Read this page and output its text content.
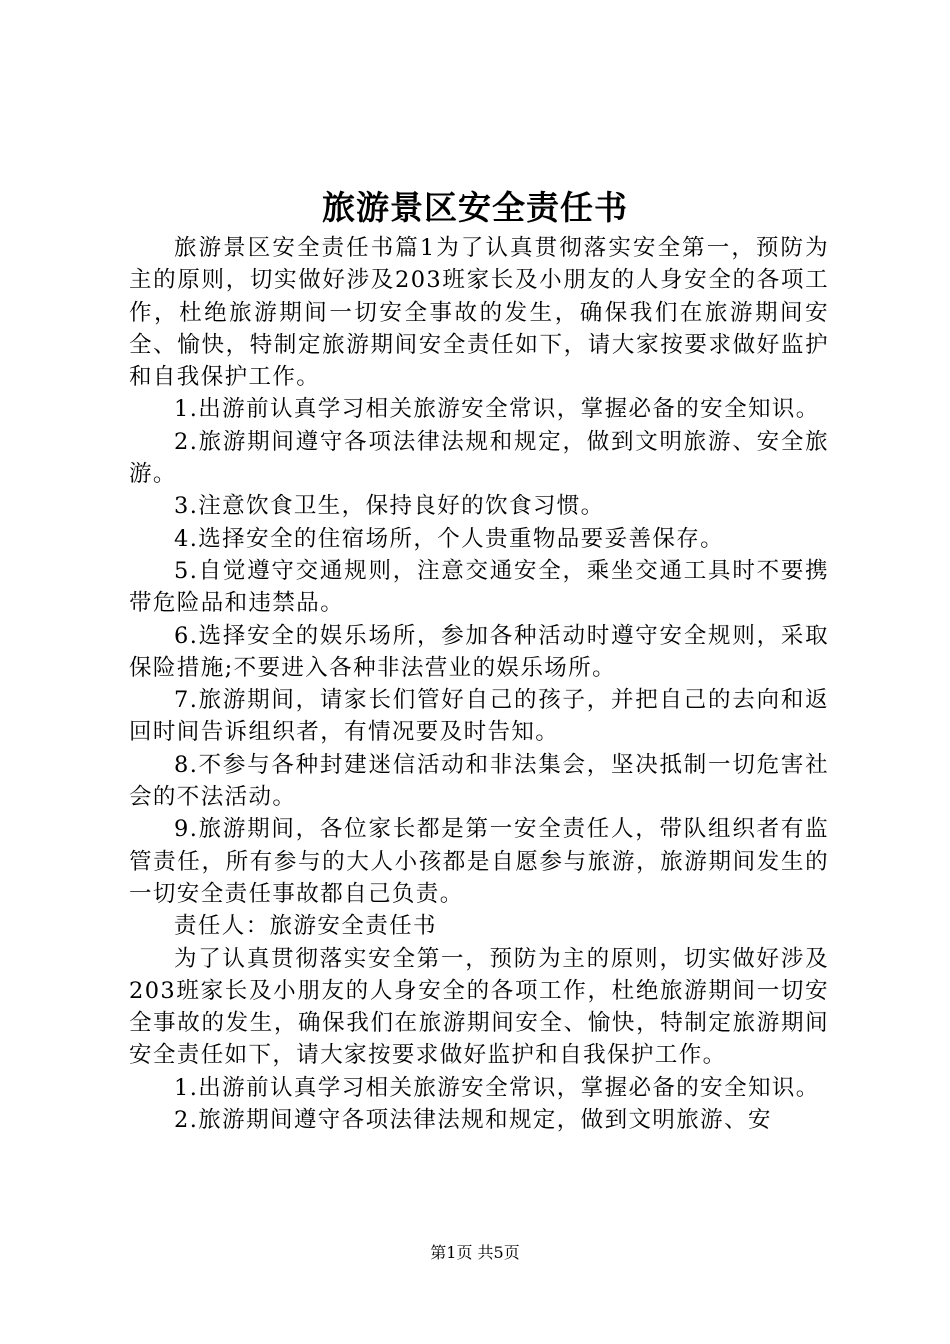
旅游景区安全责任书

旅游景区安全责任书篇1为了认真贯彻落实安全第一，预防为主的原则，切实做好涉及203班家长及小朋友的人身安全的各项工作，杜绝旅游期间一切安全事故的发生，确保我们在旅游期间安全、愉快，特制定旅游期间安全责任如下，请大家按要求做好监护和自我保护工作。

1.出游前认真学习相关旅游安全常识，掌握必备的安全知识。

2.旅游期间遵守各项法律法规和规定，做到文明旅游、安全旅游。

3.注意饮食卫生，保持良好的饮食习惯。

4.选择安全的住宿场所，个人贵重物品要妥善保存。

5.自觉遵守交通规则，注意交通安全，乘坐交通工具时不要携带危险品和违禁品。

6.选择安全的娱乐场所，参加各种活动时遵守安全规则，采取保险措施;不要进入各种非法营业的娱乐场所。

7.旅游期间，请家长们管好自己的孩子，并把自己的去向和返回时间告诉组织者，有情况要及时告知。

8.不参与各种封建迷信活动和非法集会，坚决抵制一切危害社会的不法活动。

9.旅游期间，各位家长都是第一安全责任人，带队组织者有监管责任，所有参与的大人小孩都是自愿参与旅游，旅游期间发生的一切安全责任事故都自己负责。

责任人：旅游安全责任书

为了认真贯彻落实安全第一，预防为主的原则，切实做好涉及203班家长及小朋友的人身安全的各项工作，杜绝旅游期间一切安全事故的发生，确保我们在旅游期间安全、愉快，特制定旅游期间安全责任如下，请大家按要求做好监护和自我保护工作。

1.出游前认真学习相关旅游安全常识，掌握必备的安全知识。

2.旅游期间遵守各项法律法规和规定，做到文明旅游、安

第1页 共5页
